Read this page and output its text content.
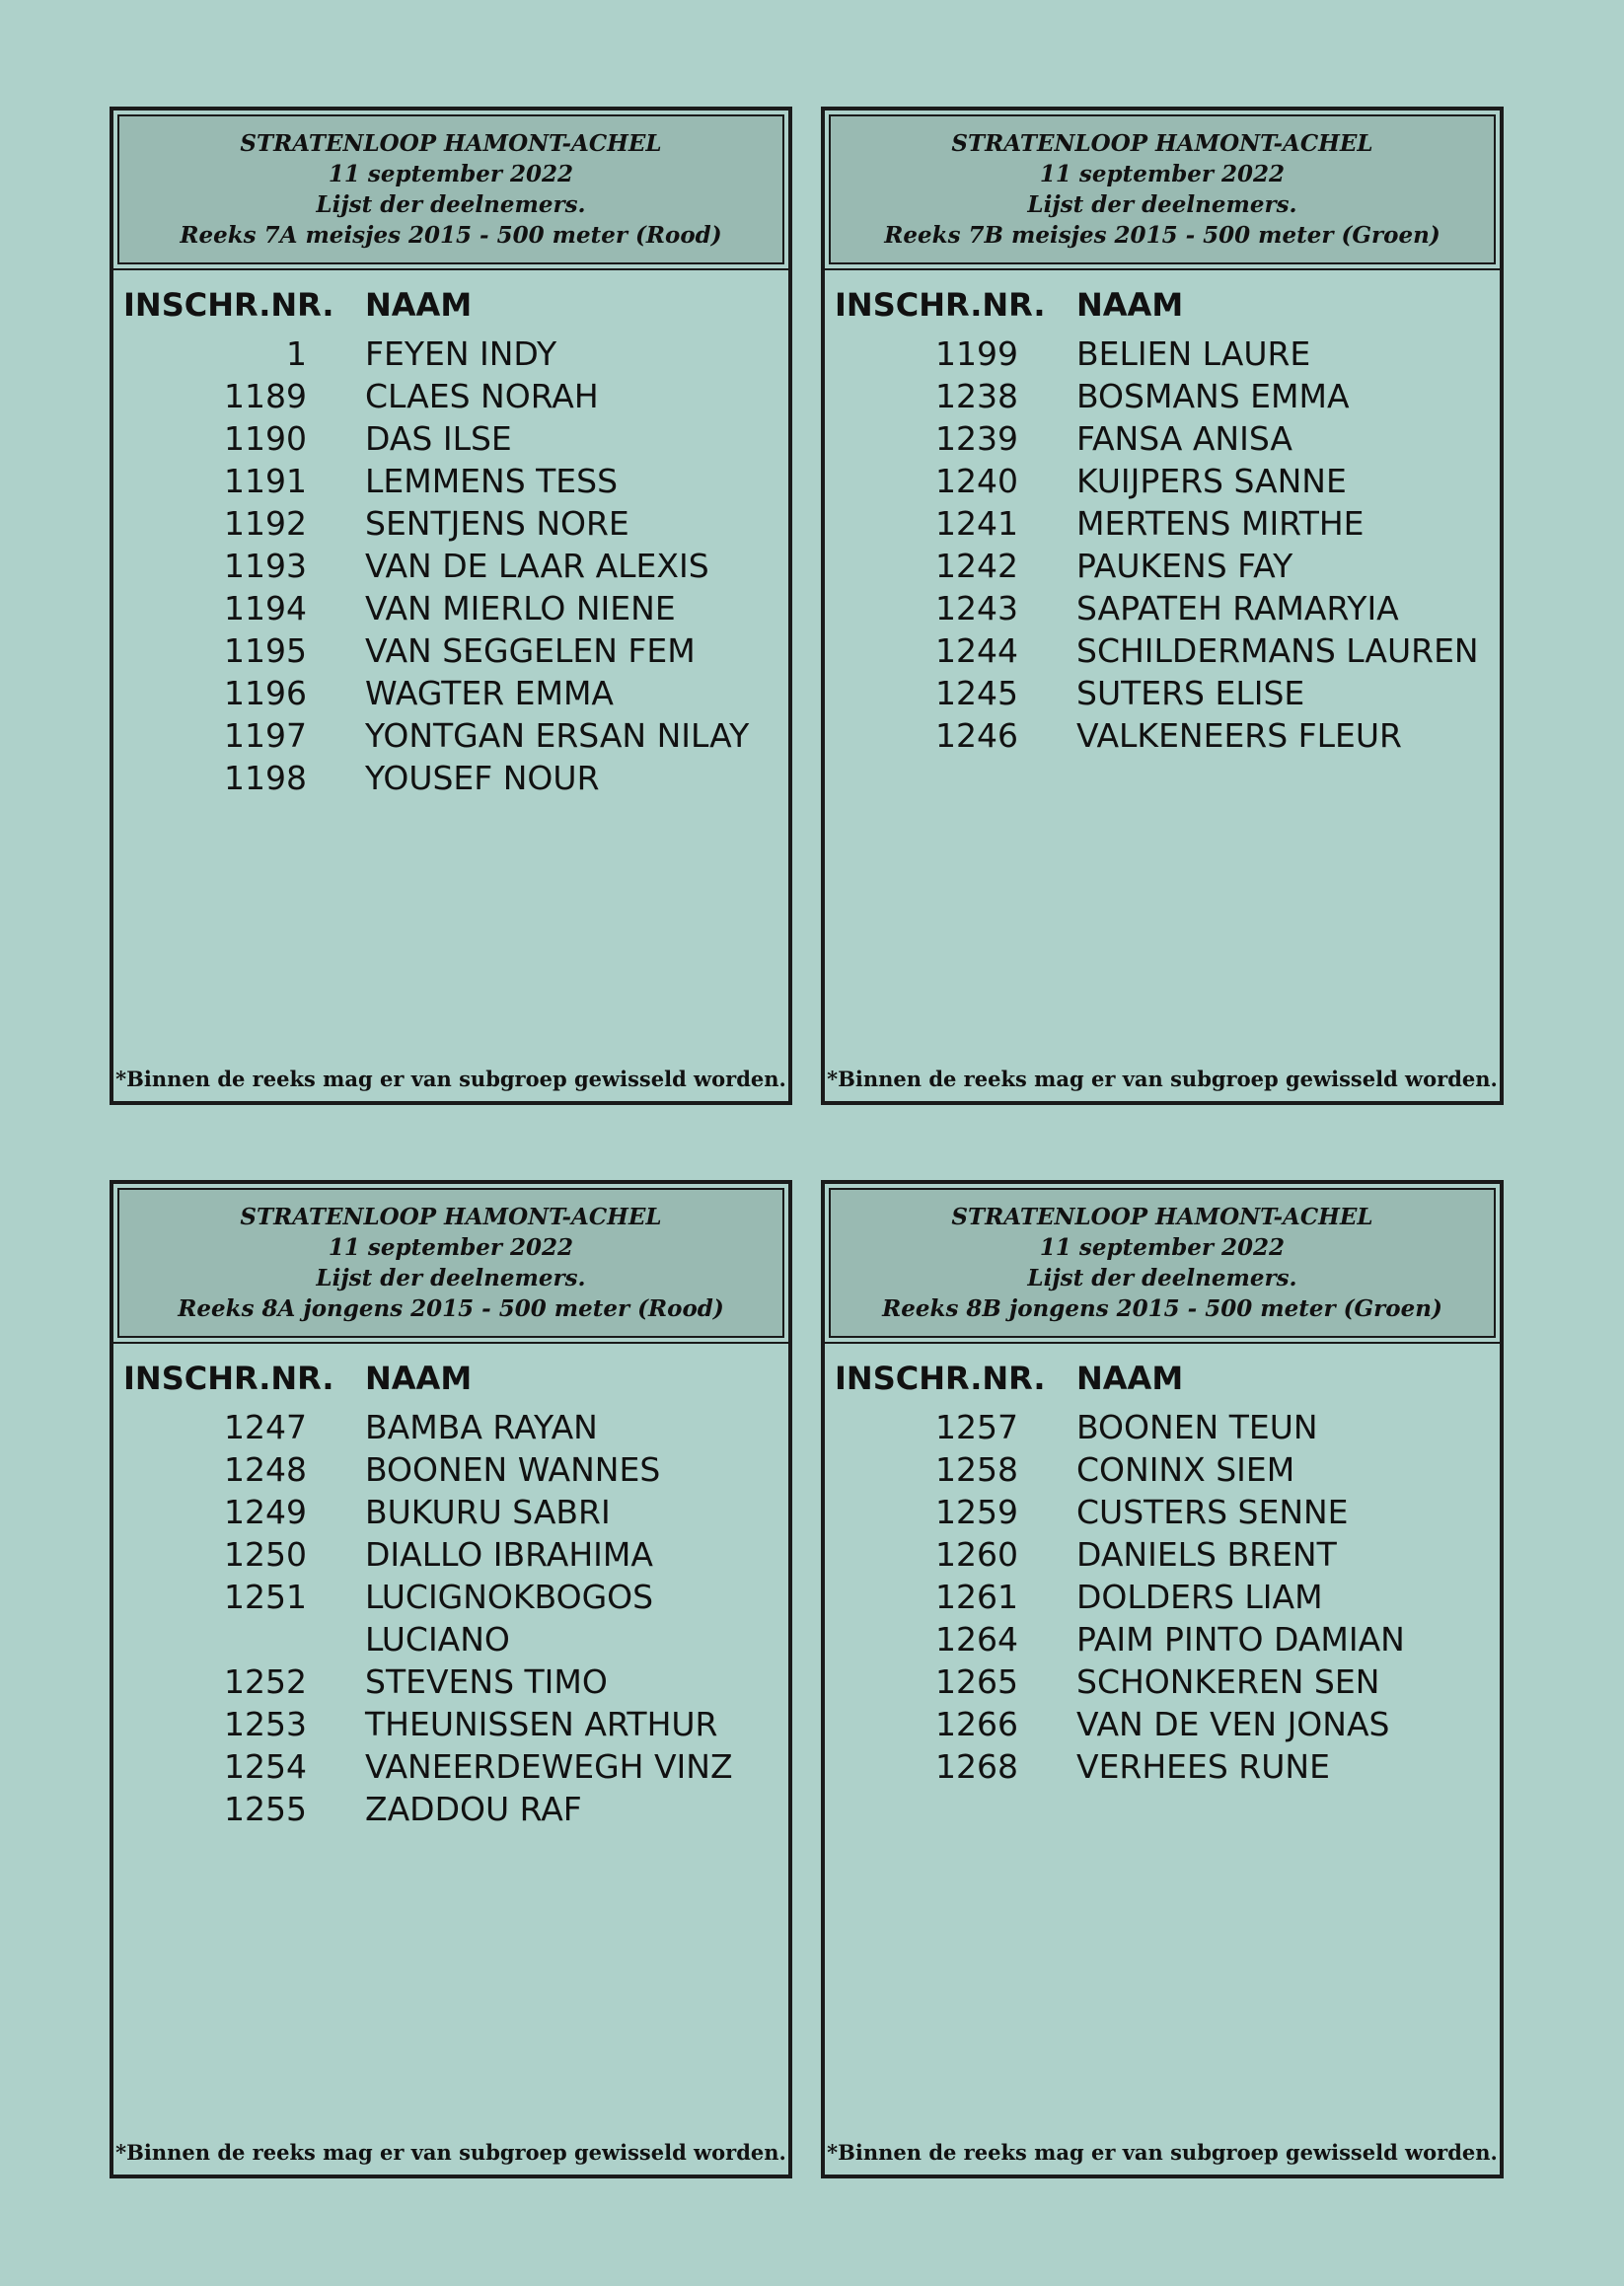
STRATENLOOP HAMONT-ACHEL
11 september 2022
Lijst der deelnemers.
Reeks 7A meisjes 2015 - 500 meter (Rood)
INSCHR.NR. NAAM
1 FEYEN INDY
1189 CLAES NORAH
1190 DAS ILSE
1191 LEMMENS TESS
1192 SENTJENS NORE
1193 VAN DE LAAR ALEXIS
1194 VAN MIERLO NIENE
1195 VAN SEGGELEN FEM
1196 WAGTER EMMA
1197 YONTGAN ERSAN NILAY
1198 YOUSEF NOUR
*Binnen de reeks mag er van subgroep gewisseld worden.
STRATENLOOP HAMONT-ACHEL
11 september 2022
Lijst der deelnemers.
Reeks 7B meisjes 2015 - 500 meter (Groen)
INSCHR.NR. NAAM
1199 BELIEN LAURE
1238 BOSMANS EMMA
1239 FANSA ANISA
1240 KUIJPERS SANNE
1241 MERTENS MIRTHE
1242 PAUKENS FAY
1243 SAPATEH RAMARYIA
1244 SCHILDERMANS LAUREN
1245 SUTERS ELISE
1246 VALKENEERS FLEUR
*Binnen de reeks mag er van subgroep gewisseld worden.
STRATENLOOP HAMONT-ACHEL
11 september 2022
Lijst der deelnemers.
Reeks 8A jongens 2015 - 500 meter (Rood)
INSCHR.NR. NAAM
1247 BAMBA RAYAN
1248 BOONEN WANNES
1249 BUKURU SABRI
1250 DIALLO IBRAHIMA
1251 LUCIGNOKBOGOS
LUCIANO
1252 STEVENS TIMO
1253 THEUNISSEN ARTHUR
1254 VANEERDEWEGH VINZ
1255 ZADDOU RAF
*Binnen de reeks mag er van subgroep gewisseld worden.
STRATENLOOP HAMONT-ACHEL
11 september 2022
Lijst der deelnemers.
Reeks 8B jongens 2015 - 500 meter (Groen)
INSCHR.NR. NAAM
1257 BOONEN TEUN
1258 CONINX SIEM
1259 CUSTERS SENNE
1260 DANIELS BRENT
1261 DOLDERS LIAM
1264 PAIM PINTO DAMIAN
1265 SCHONKEREN SEN
1266 VAN DE VEN JONAS
1268 VERHEES RUNE
*Binnen de reeks mag er van subgroep gewisseld worden.
